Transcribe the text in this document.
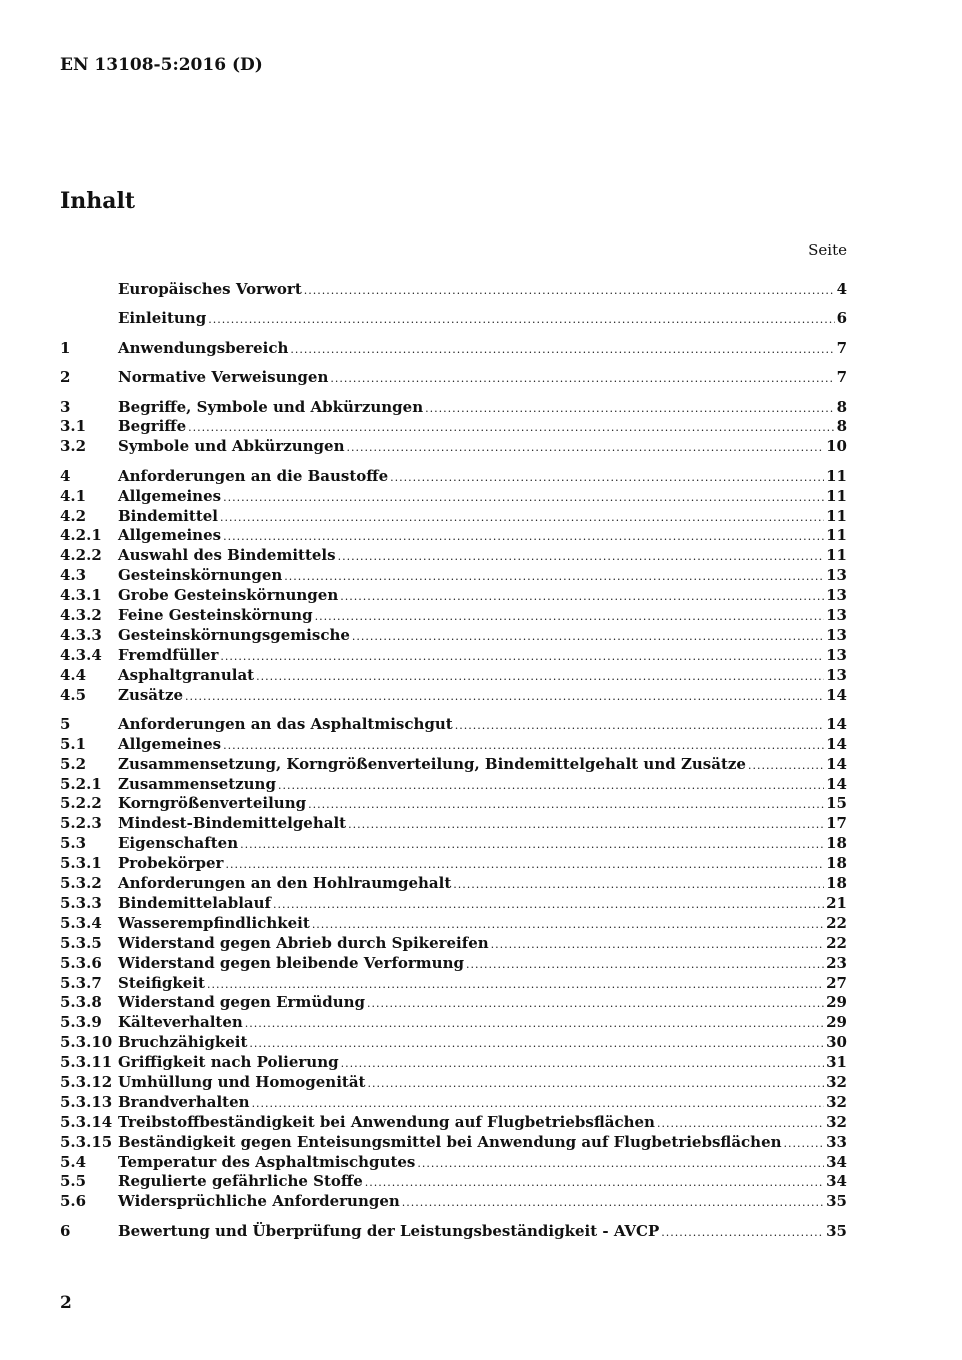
EN 13108-5:2016 (D)
Inhalt
Seite
Europäisches Vorwort .....	4
Einleitung .....	6
1	Anwendungsbereich .....	7
2	Normative Verweisungen .....	7
3	Begriffe, Symbole und Abkürzungen .....	8
3.1	Begriffe .....	8
3.2	Symbole und Abkürzungen .....	10
4	Anforderungen an die Baustoffe .....	11
4.1	Allgemeines .....	11
4.2	Bindemittel .....	11
4.2.1	Allgemeines .....	11
4.2.2	Auswahl des Bindemittels .....	11
4.3	Gesteinskörnungen .....	13
4.3.1	Grobe Gesteinskörnungen .....	13
4.3.2	Feine Gesteinskörnung .....	13
4.3.3	Gesteinskörnungsgemische .....	13
4.3.4	Fremdfüller .....	13
4.4	Asphaltgranulat .....	13
4.5	Zusätze .....	14
5	Anforderungen an das Asphaltmischgut .....	14
5.1	Allgemeines .....	14
5.2	Zusammensetzung, Korngrößenverteilung, Bindemittelgehalt und Zusätze .....	14
5.2.1	Zusammensetzung .....	14
5.2.2	Korngrößenverteilung .....	15
5.2.3	Mindest-Bindemittelgehalt .....	17
5.3	Eigenschaften .....	18
5.3.1	Probekörper .....	18
5.3.2	Anforderungen an den Hohlraumgehalt .....	18
5.3.3	Bindemittelablauf .....	21
5.3.4	Wasserempfindlichkeit .....	22
5.3.5	Widerstand gegen Abrieb durch Spikereifen .....	22
5.3.6	Widerstand gegen bleibende Verformung .....	23
5.3.7	Steifigkeit .....	27
5.3.8	Widerstand gegen Ermüdung .....	29
5.3.9	Kälteverhalten .....	29
5.3.10 Bruchzähigkeit .....	30
5.3.11 Griffigkeit nach Polierung .....	31
5.3.12 Umhüllung und Homogenität .....	32
5.3.13 Brandverhalten .....	32
5.3.14 Treibstoffbeständigkeit bei Anwendung auf Flugbetriebsflächen .....	32
5.3.15 Beständigkeit gegen Enteisungsmittel bei Anwendung auf Flugbetriebsflächen .....	33
5.4	Temperatur des Asphaltmischgutes .....	34
5.5	Regulierte gefährliche Stoffe .....	34
5.6	Widersprüchliche Anforderungen .....	35
6	Bewertung und Überprüfung der Leistungsbeständigkeit - AVCP .....	35
2
